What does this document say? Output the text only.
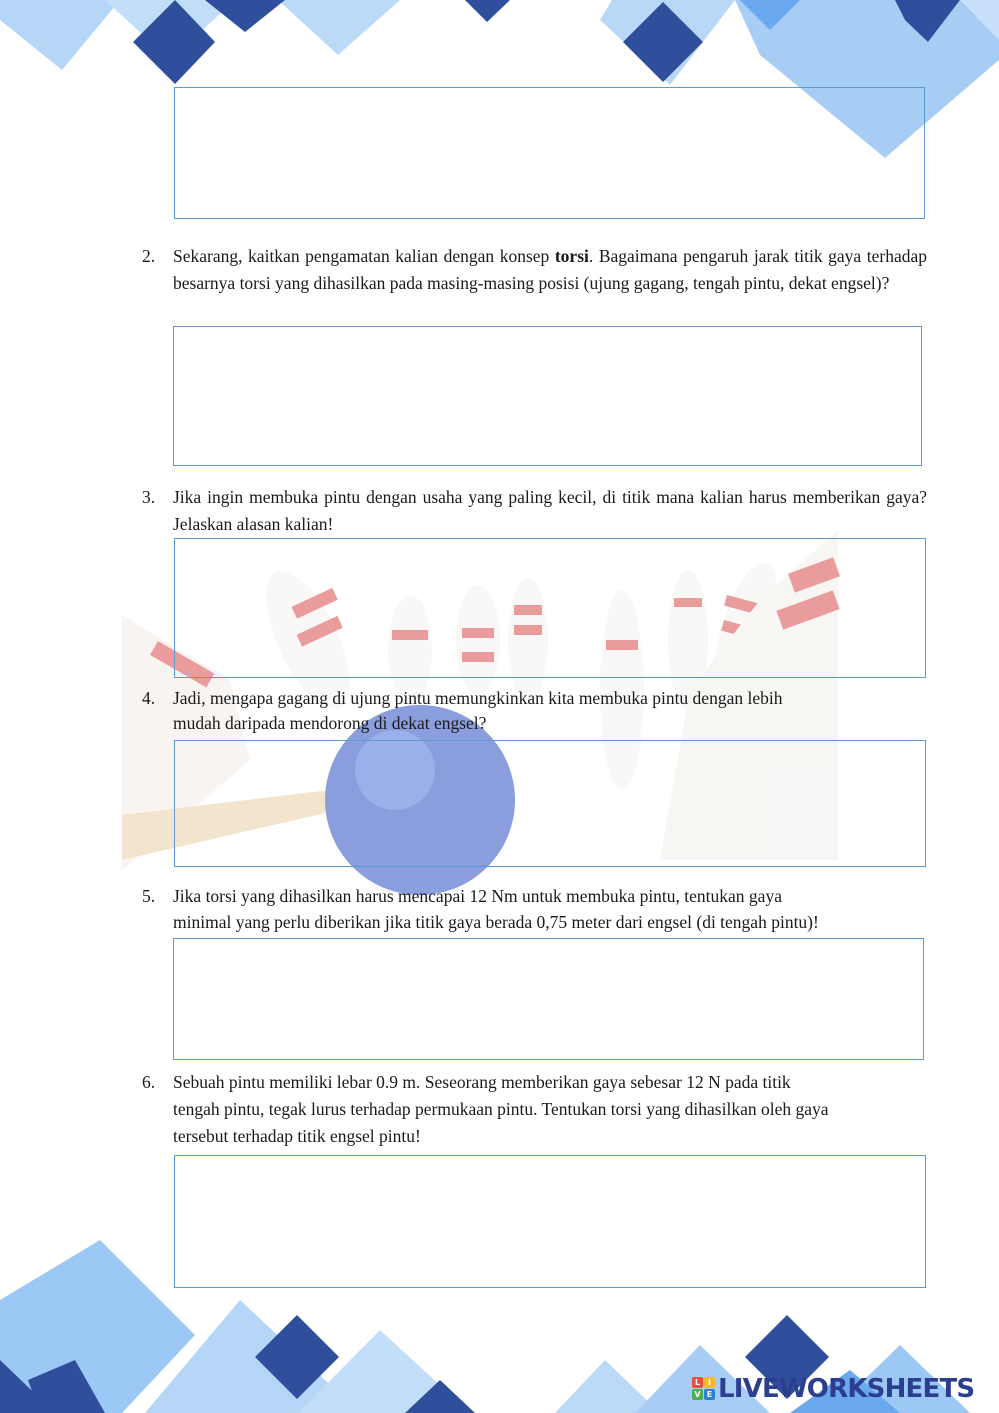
2.	Sekarang, kaitkan pengamatan kalian dengan konsep torsi. Bagaimana pengaruh jarak titik gaya terhadap besarnya torsi yang dihasilkan pada masing-masing posisi (ujung gagang, tengah pintu, dekat engsel)?
3.	Jika ingin membuka pintu dengan usaha yang paling kecil, di titik mana kalian harus memberikan gaya? Jelaskan alasan kalian!
4.	Jadi, mengapa gagang di ujung pintu memungkinkan kita membuka pintu dengan lebih
mudah daripada mendorong di dekat engsel?
5.	Jika torsi yang dihasilkan harus mencapai 12 Nm untuk membuka pintu, tentukan gaya
minimal yang perlu diberikan jika titik gaya berada 0,75 meter dari engsel (di tengah pintu)!
6.	Sebuah pintu memiliki lebar 0.9 m. Seseorang memberikan gaya sebesar 12 N pada titik
tengah pintu, tegak lurus terhadap permukaan pintu. Tentukan torsi yang dihasilkan oleh gaya
tersebut terhadap titik engsel pintu!
L I
V E LIVEWORKSHEETS
